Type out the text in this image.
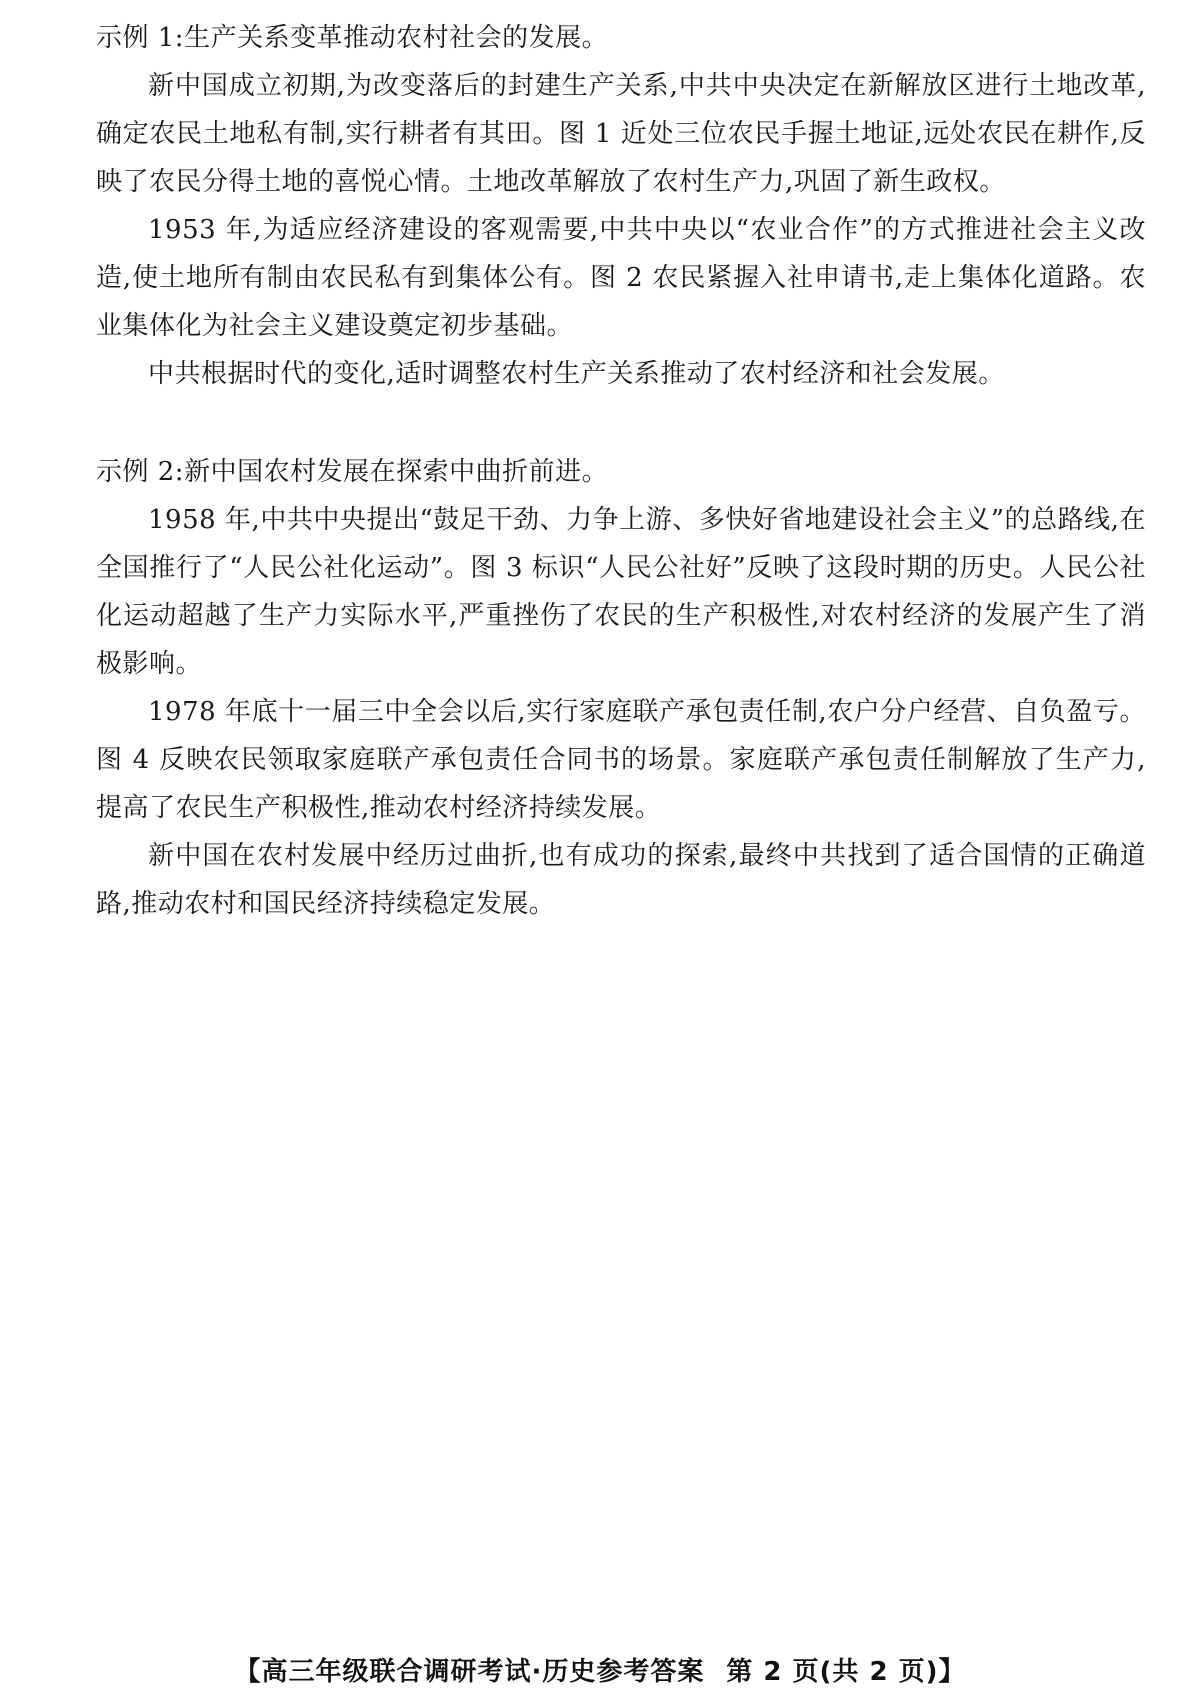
示例 1:生产关系变革推动农村社会的发展。

新中国成立初期,为改变落后的封建生产关系,中共中央决定在新解放区进行土地改革,确定农民土地私有制,实行耕者有其田。图 1 近处三位农民手握土地证,远处农民在耕作,反映了农民分得土地的喜悦心情。土地改革解放了农村生产力,巩固了新生政权。

1953 年,为适应经济建设的客观需要,中共中央以“农业合作”的方式推进社会主义改造,使土地所有制由农民私有到集体公有。图 2 农民紧握入社申请书,走上集体化道路。农业集体化为社会主义建设奠定初步基础。

中共根据时代的变化,适时调整农村生产关系推动了农村经济和社会发展。

示例 2:新中国农村发展在探索中曲折前进。

1958 年,中共中央提出“鼓足干劲、力争上游、多快好省地建设社会主义”的总路线,在全国推行了“人民公社化运动”。图 3 标识“人民公社好”反映了这段时期的历史。人民公社化运动超越了生产力实际水平,严重挫伤了农民的生产积极性,对农村经济的发展产生了消极影响。

1978 年底十一届三中全会以后,实行家庭联产承包责任制,农户分户经营、自负盈亏。图 4 反映农民领取家庭联产承包责任合同书的场景。家庭联产承包责任制解放了生产力,提高了农民生产积极性,推动农村经济持续发展。

新中国在农村发展中经历过曲折,也有成功的探索,最终中共找到了适合国情的正确道路,推动农村和国民经济持续稳定发展。

【高三年级联合调研考试·历史参考答案 第 2 页(共 2 页)】
